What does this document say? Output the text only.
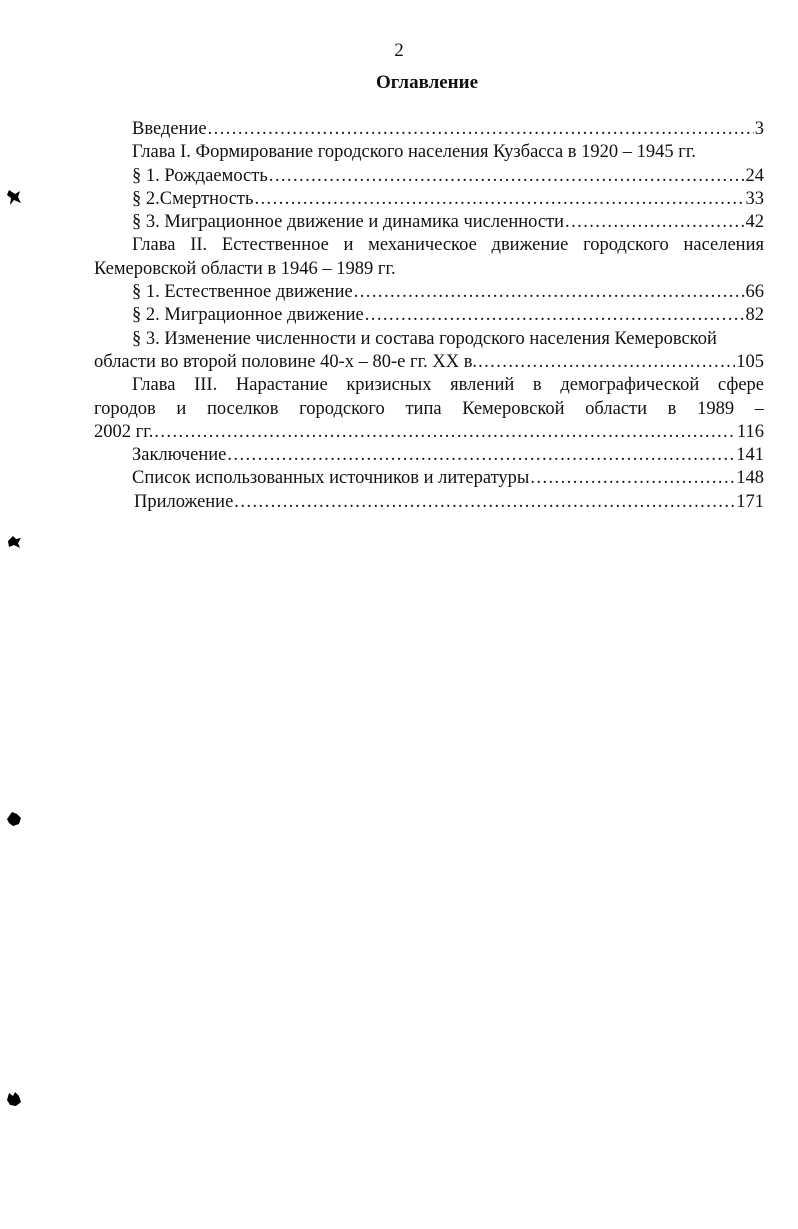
2
Оглавление
Введение . . .	3
Глава I. Формирование городского населения Кузбасса в 1920 – 1945 гг.
§ 1. Рождаемость . . .	24
§ 2.Смертность . . .	33
§ 3. Миграционное движение и динамика численности . . .	42
Глава II. Естественное и механическое движение городского населения
Кемеровской области в 1946 – 1989 гг.
§ 1. Естественное движение . . .	66
§ 2. Миграционное движение . . .	82
§ 3. Изменение численности и состава городского населения Кемеровской
области во второй половине 40-х – 80-е гг. XX в. . . .	105
Глава III. Нарастание кризисных явлений в демографической сфере
городов и поселков городского типа Кемеровской области в 1989 –
2002 гг. . . .	116
Заключение . . .	141
Список использованных источников и литературы . . .	148
Приложение . . .	171
